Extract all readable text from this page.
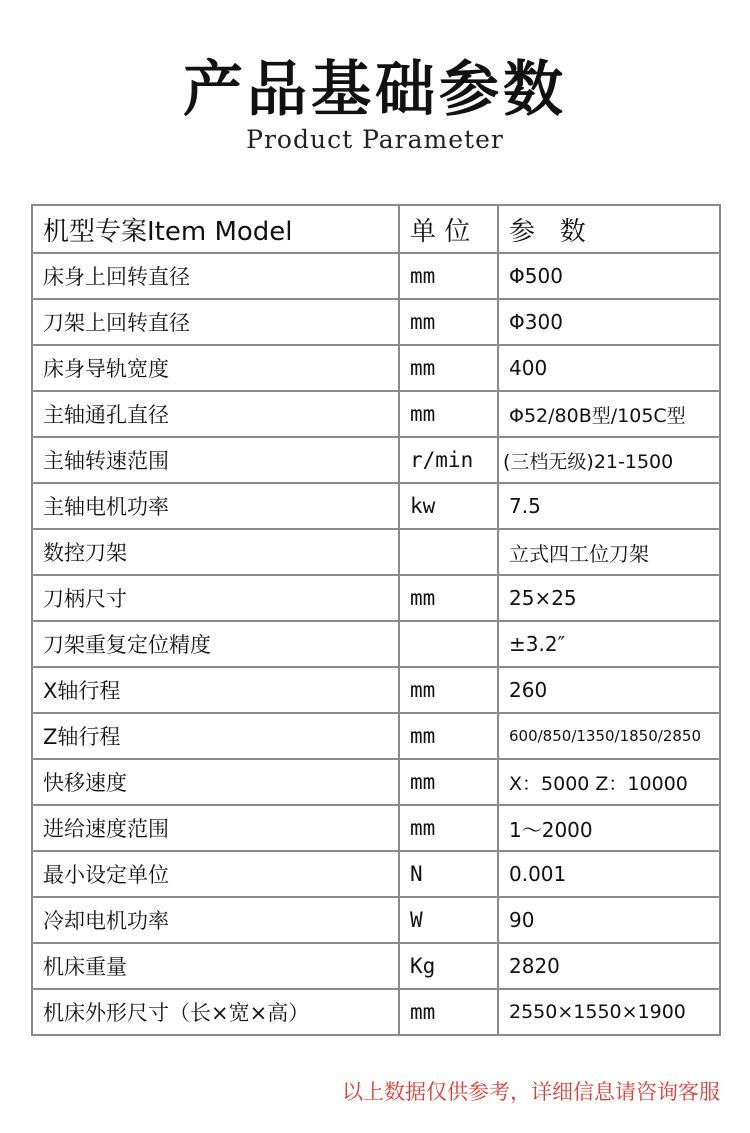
产品基础参数
Product Parameter
机型专案Item Model	单 位	参   数
床身上回转直径	mm	Φ500
刀架上回转直径	mm	Φ300
床身导轨宽度	mm	400
主轴通孔直径	mm	Φ52/80B型/105C型
主轴转速范围	r/min	(三档无级)21-1500
主轴电机功率	kw	7.5
数控刀架		立式四工位刀架
刀柄尺寸	mm	25×25
刀架重复定位精度		±3.2″
X轴行程	mm	260
Z轴行程	mm	600/850/1350/1850/2850
快移速度	mm	X：5000 Z：10000
进给速度范围	mm	1～2000
最小设定单位	N	0.001
冷却电机功率	W	90
机床重量	Kg	2820
机床外形尺寸（长×宽×高）	mm	2550×1550×1900
以上数据仅供参考，详细信息请咨询客服
